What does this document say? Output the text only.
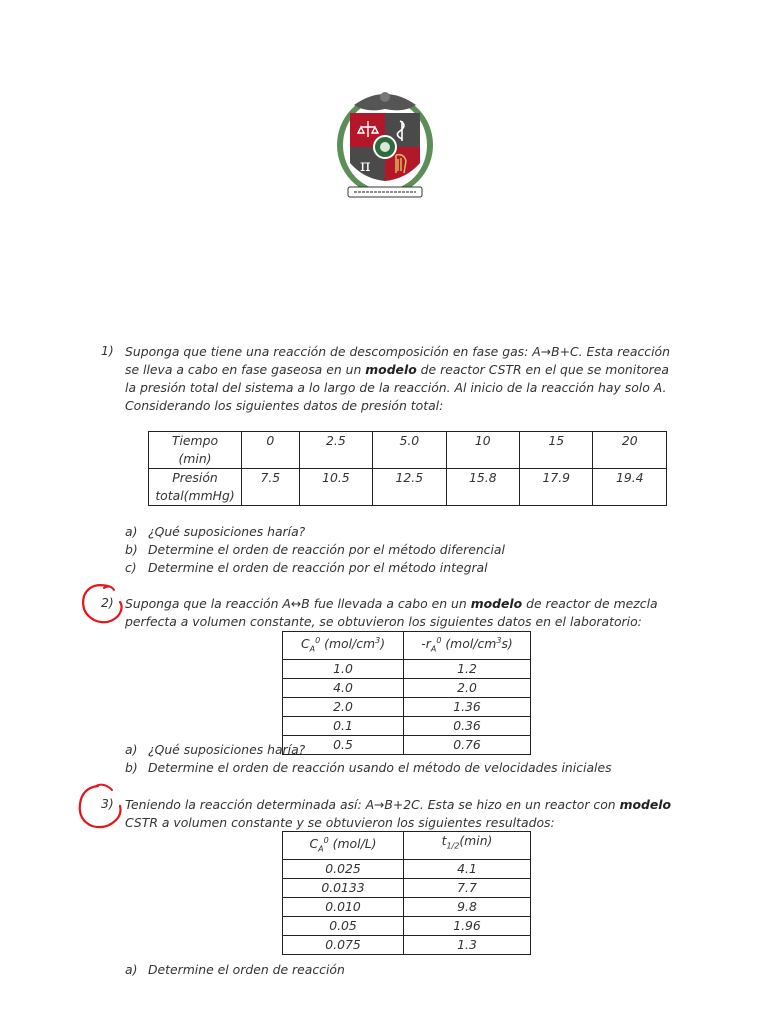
π
1) Suponga que tiene una reacción de descomposición en fase gas: A→B+C. Esta reacción
se lleva a cabo en fase gaseosa en un modelo de reactor CSTR en el que se monitorea
la presión total del sistema a lo largo de la reacción. Al inicio de la reacción hay solo A.
Considerando los siguientes datos de presión total:
Tiempo
(min)	0	2.5	5.0	10	15	20

Presión
total(mmHg)	7.5	10.5	12.5	15.8	17.9	19.4
a) ¿Qué suposiciones haría?
b) Determine el orden de reacción por el método diferencial
c) Determine el orden de reacción por el método integral
2) Suponga que la reacción A↔B fue llevada a cabo en un modelo de reactor de mezcla
perfecta a volumen constante, se obtuvieron los siguientes datos en el laboratorio:
$C_A^0$ $(mol/cm^3)$	$-r_A^0$ $(mol/cm^3s)$
1.0	1.2
4.0	2.0
2.0	1.36
0.1	0.36
0.5	0.76
a) ¿Qué suposiciones haría?
b) Determine el orden de reacción usando el método de velocidades iniciales
3) Teniendo la reacción determinada así: A→B+2C. Esta se hizo en un reactor con modelo
CSTR a volumen constante y se obtuvieron los siguientes resultados:
$C_A^0$ (mol/L)	$t_{1/2}(\min)$
0.025	4.1
0.0133	7.7
0.010	9.8
0.05	1.96
0.075	1.3
a) Determine el orden de reacción
